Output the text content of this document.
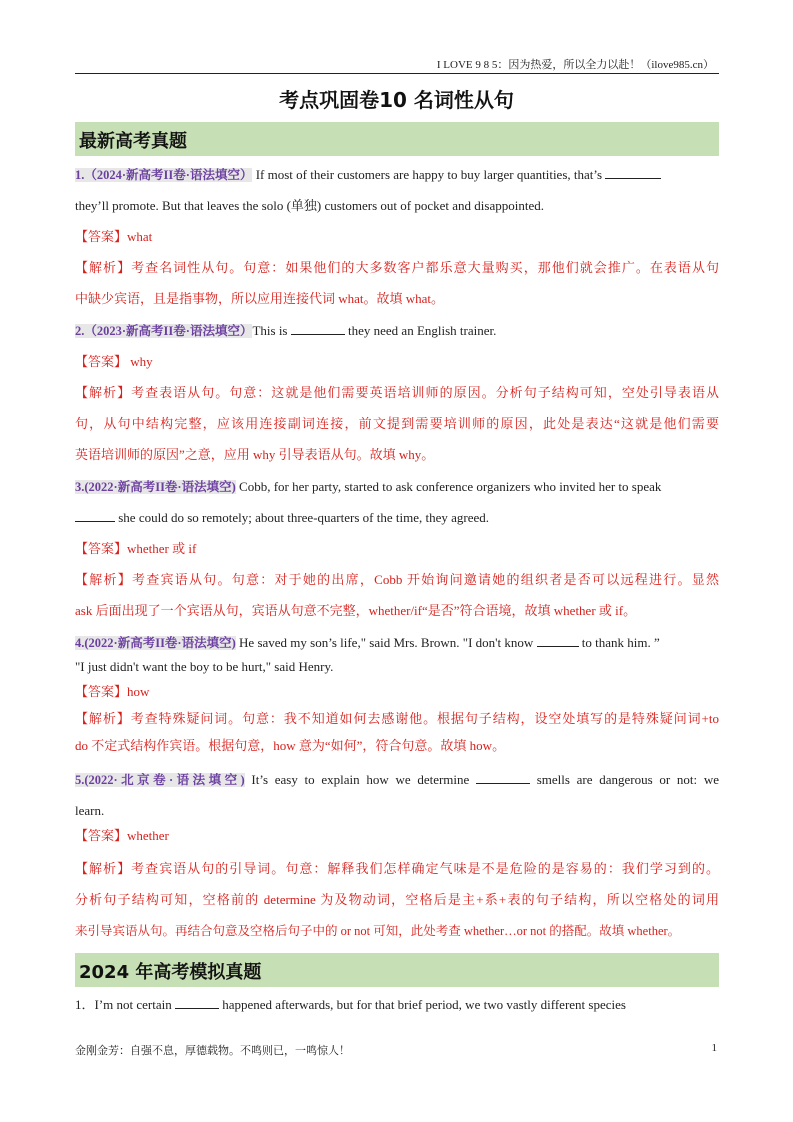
I LOVE 9 8 5：因为热爱，所以全力以赴！（ilove985.cn）
考点巩固卷10 名词性从句
最新高考真题
1.（2024·新高考II卷·语法填空） If most of their customers are happy to buy larger quantities, that’s
they’ll promote. But that leaves the solo (单独) customers out of pocket and disappointed.
【答案】what
【解析】考查名词性从句。句意：如果他们的大多数客户都乐意大量购买，那他们就会推广。在表语从句
中缺少宾语，且是指事物，所以应用连接代词 what。故填 what。
2.（2023·新高考II卷·语法填空）This is	they need an English trainer.
【答案】 why
【解析】考查表语从句。句意：这就是他们需要英语培训师的原因。分析句子结构可知，空处引导表语从
句，从句中结构完整，应该用连接副词连接，前文提到需要培训师的原因，此处是表达“这就是他们需要
英语培训师的原因”之意，应用 why 引导表语从句。故填 why。
3.(2022·新高考II卷·语法填空) Cobb, for her party, started to ask conference organizers who invited her to speak
she could do so remotely; about three-quarters of the time, they agreed.
【答案】whether 或 if
【解析】考查宾语从句。句意：对于她的出席，Cobb 开始询问邀请她的组织者是否可以远程进行。显然
ask 后面出现了一个宾语从句，宾语从句意不完整，whether/if“是否”符合语境，故填 whether 或 if。
4.(2022·新高考II卷·语法填空) He saved my son’s life," said Mrs. Brown. "I don't know	to thank him. ”
"I just didn't want the boy to be hurt," said Henry.
【答案】how
【解析】考查特殊疑问词。句意：我不知道如何去感谢他。根据句子结构，设空处填写的是特殊疑问词+to
do 不定式结构作宾语。根据句意，how 意为“如何”，符合句意。故填 how。
5.(2022·北京卷·语法填空) It’s easy to explain how we determine	smells are dangerous or not: we
learn.
【答案】whether
【解析】考查宾语从句的引导词。句意：解释我们怎样确定气味是不是危险的是容易的：我们学习到的。
分析句子结构可知，空格前的 determine 为及物动词，空格后是主+系+表的句子结构，所以空格处的词用
来引导宾语从句。再结合句意及空格后句子中的 or not 可知，此处考查 whether…or not 的搭配。故填 whether。
2024 年高考模拟真题
1．I’m not certain	happened afterwards, but for that brief period, we two vastly different species
金刚金芳：自强不息，厚德载物。不鸣则已，一鸣惊人！	1
